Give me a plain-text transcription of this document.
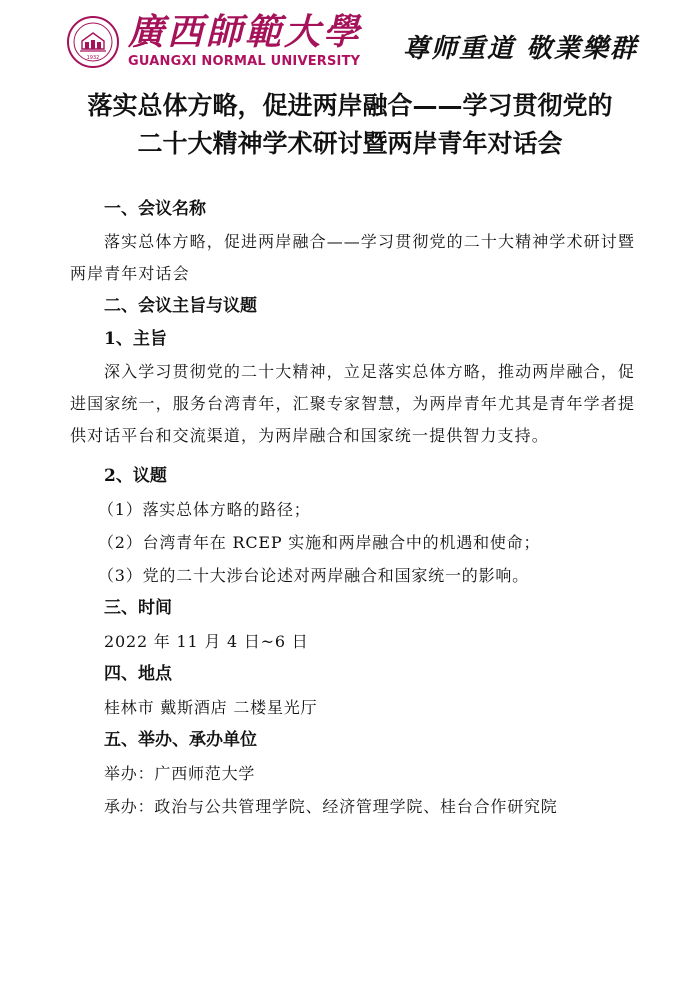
1932
廣西師範大學
GUANGXI NORMAL UNIVERSITY 尊师重道 敬業樂群
落实总体方略，促进两岸融合——学习贯彻党的
二十大精神学术研讨暨两岸青年对话会
一、会议名称
落实总体方略，促进两岸融合——学习贯彻党的二十大精神学术研讨暨两岸青年对话会
二、会议主旨与议题
1、主旨
深入学习贯彻党的二十大精神，立足落实总体方略，推动两岸融合，促进国家统一，服务台湾青年，汇聚专家智慧，为两岸青年尤其是青年学者提供对话平台和交流渠道，为两岸融合和国家统一提供智力支持。
2、议题
（1）落实总体方略的路径；
（2）台湾青年在 RCEP 实施和两岸融合中的机遇和使命；
（3）党的二十大涉台论述对两岸融合和国家统一的影响。
三、时间
2022 年 11 月 4 日~6 日
四、地点
桂林市 戴斯酒店 二楼星光厅
五、举办、承办单位
举办：广西师范大学
承办：政治与公共管理学院、经济管理学院、桂台合作研究院
